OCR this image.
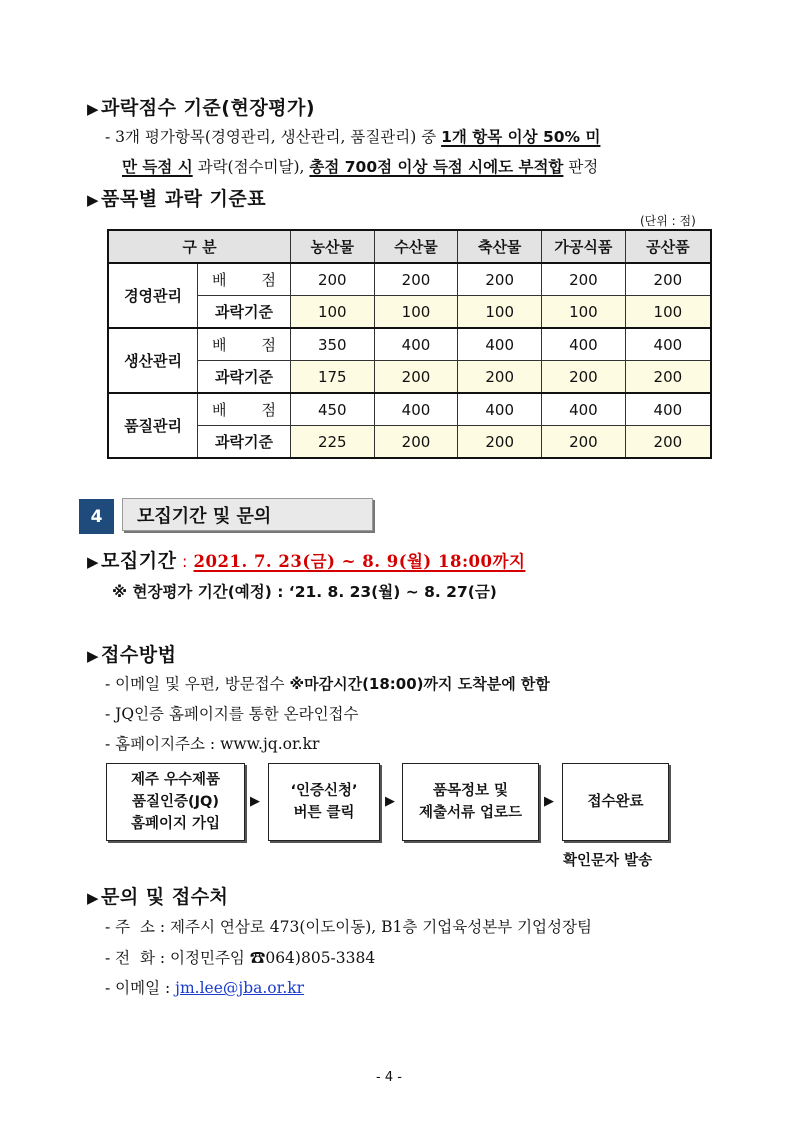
▶ 과락점수 기준(현장평가)
- 3개 평가항목(경영관리, 생산관리, 품질관리) 중 1개 항목 이상 50% 미
만 득점 시 과락(점수미달), 총점 700점 이상 득점 시에도 부적합 판정
▶ 품목별 과락 기준표
(단위 : 점)
구 분		농산물	수산물	축산물	가공식품	공산품
경영관리	배 점	200	200	200	200	200
	과락기준	100	100	100	100	100
생산관리	배 점	350	400	400	400	400
	과락기준	175	200	200	200	200
품질관리	배 점	450	400	400	400	400
	과락기준	225	200	200	200	200
4	모집기간 및 문의
▶ 모집기간 : 2021. 7. 23(금) ~ 8. 9(월) 18:00까지
※ 현장평가 기간(예정) : ‘21. 8. 23(월) ~ 8. 27(금)
▶ 접수방법
- 이메일 및 우편, 방문접수 ※마감시간(18:00)까지 도착분에 한함
- JQ인증 홈페이지를 통한 온라인접수
- 홈페이지주소 : www.jq.or.kr
제주 우수제품
품질인증(JQ)
홈페이지 가입
▶
‘인증신청’
버튼 클릭
▶
품목정보 및
제출서류 업로드
▶ 접수완료
확인문자 발송
▶ 문의 및 접수처
- 주  소 : 제주시 연삼로 473(이도이동), B1층 기업육성본부 기업성장팀
- 전  화 : 이정민주임 ☎064)805-3384
- 이메일 : jm.lee@jba.or.kr
- 4 -
